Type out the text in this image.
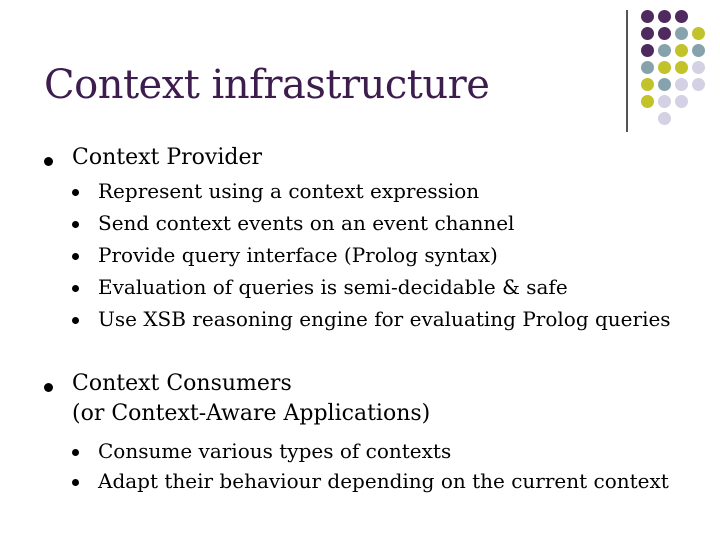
Context infrastructure
Context Provider
Represent using a context expression
Send context events on an event channel
Provide query interface (Prolog syntax)
Evaluation of queries is semi-decidable & safe
Use XSB reasoning engine for evaluating Prolog queries
Context Consumers
(or Context-Aware Applications)
Consume various types of contexts
Adapt their behaviour depending on the current context
